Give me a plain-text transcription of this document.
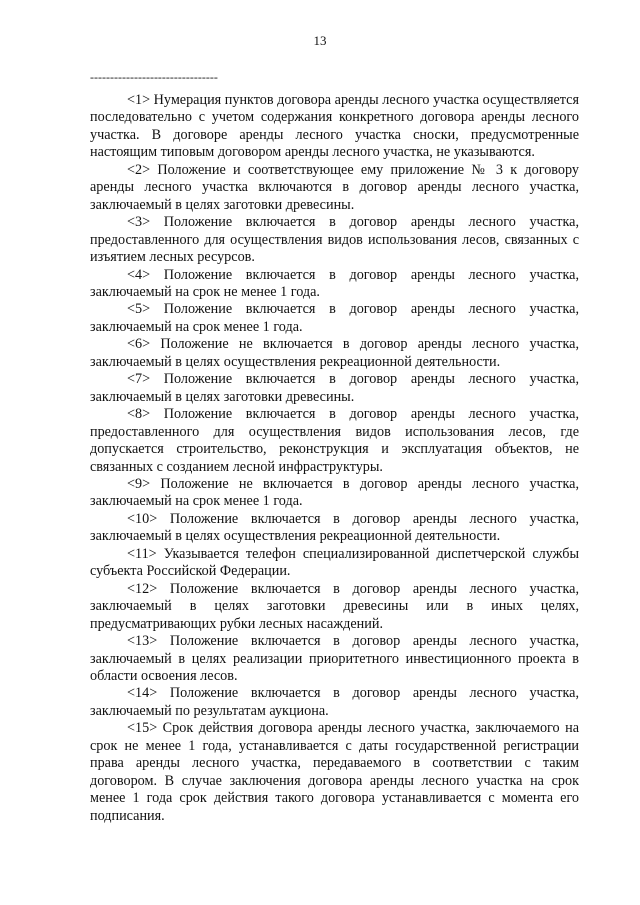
13
--------------------------------

<1> Нумерация пунктов договора аренды лесного участка осуществляется последовательно с учетом содержания конкретного договора аренды лесного участка. В договоре аренды лесного участка сноски, предусмотренные настоящим типовым договором аренды лесного участка, не указываются.

<2> Положение и соответствующее ему приложение № 3 к договору аренды лесного участка включаются в договор аренды лесного участка, заключаемый в целях заготовки древесины.

<3> Положение включается в договор аренды лесного участка, предоставленного для осуществления видов использования лесов, связанных с изъятием лесных ресурсов.

<4> Положение включается в договор аренды лесного участка, заключаемый на срок не менее 1 года.

<5> Положение включается в договор аренды лесного участка, заключаемый на срок менее 1 года.

<6> Положение не включается в договор аренды лесного участка, заключаемый в целях осуществления рекреационной деятельности.

<7> Положение включается в договор аренды лесного участка, заключаемый в целях заготовки древесины.

<8> Положение включается в договор аренды лесного участка, предоставленного для осуществления видов использования лесов, где допускается строительство, реконструкция и эксплуатация объектов, не связанных с созданием лесной инфраструктуры.

<9> Положение не включается в договор аренды лесного участка, заключаемый на срок менее 1 года.

<10> Положение включается в договор аренды лесного участка, заключаемый в целях осуществления рекреационной деятельности.

<11> Указывается телефон специализированной диспетчерской службы субъекта Российской Федерации.

<12> Положение включается в договор аренды лесного участка, заключаемый в целях заготовки древесины или в иных целях, предусматривающих рубки лесных насаждений.

<13> Положение включается в договор аренды лесного участка, заключаемый в целях реализации приоритетного инвестиционного проекта в области освоения лесов.

<14> Положение включается в договор аренды лесного участка, заключаемый по результатам аукциона.

<15> Срок действия договора аренды лесного участка, заключаемого на срок не менее 1 года, устанавливается с даты государственной регистрации права аренды лесного участка, передаваемого в соответствии с таким договором. В случае заключения договора аренды лесного участка на срок менее 1 года срок действия такого договора устанавливается с момента его подписания.
